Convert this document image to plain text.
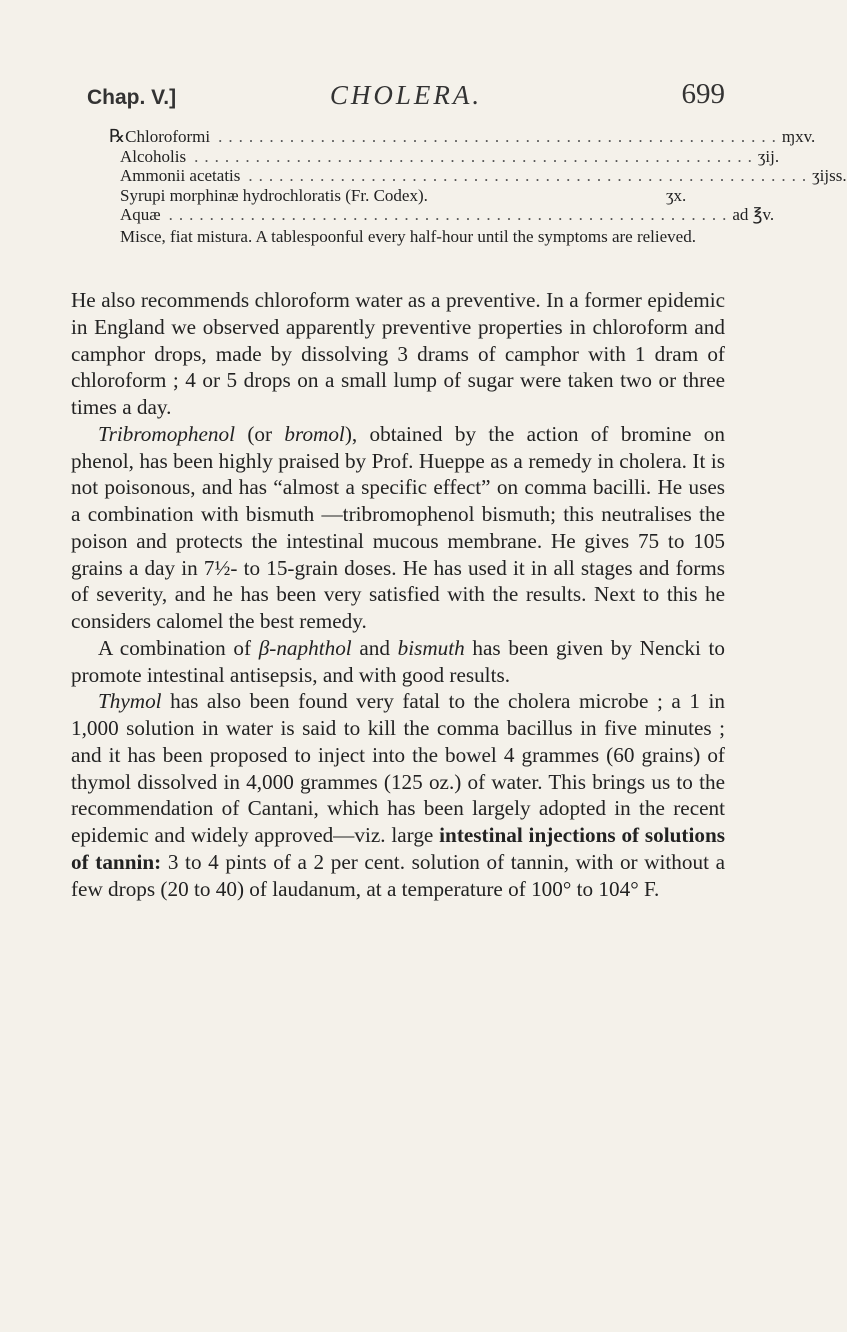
Chap. V.]	CHOLERA.	699
℞ Chloroformi ....................................................... ɱxv.
Alcoholis ....................................................... ʒij.
Ammonii acetatis ....................................................... ʒijss.
Syrupi morphinæ hydrochloratis (Fr. Codex).	ʒx.
Aquæ ....................................................... ad ℥v.
Misce, fiat mistura. A tablespoonful every half-hour until the symptoms are relieved.

He also recommends chloroform water as a preventive. In a former epidemic in England we observed apparently preventive properties in chloroform and camphor drops, made by dissolving 3 drams of camphor with 1 dram of chloroform ; 4 or 5 drops on a small lump of sugar were taken two or three times a day.

Tribromophenol (or bromol), obtained by the action of bromine on phenol, has been highly praised by Prof. Hueppe as a remedy in cholera. It is not poisonous, and has “almost a specific effect” on comma bacilli. He uses a combination with bismuth —tribromophenol bismuth; this neutralises the poison and protects the intestinal mucous membrane. He gives 75 to 105 grains a day in 7½- to 15-grain doses. He has used it in all stages and forms of severity, and he has been very satisfied with the results. Next to this he considers calomel the best remedy.

A combination of β-naphthol and bismuth has been given by Nencki to promote intestinal antisepsis, and with good results.

Thymol has also been found very fatal to the cholera microbe ; a 1 in 1,000 solution in water is said to kill the comma bacillus in five minutes ; and it has been proposed to inject into the bowel 4 grammes (60 grains) of thymol dissolved in 4,000 grammes (125 oz.) of water. This brings us to the recommendation of Cantani, which has been largely adopted in the recent epidemic and widely approved—viz. large intestinal injections of solutions of tannin: 3 to 4 pints of a 2 per cent. solution of tannin, with or without a few drops (20 to 40) of laudanum, at a temperature of 100° to 104° F.
